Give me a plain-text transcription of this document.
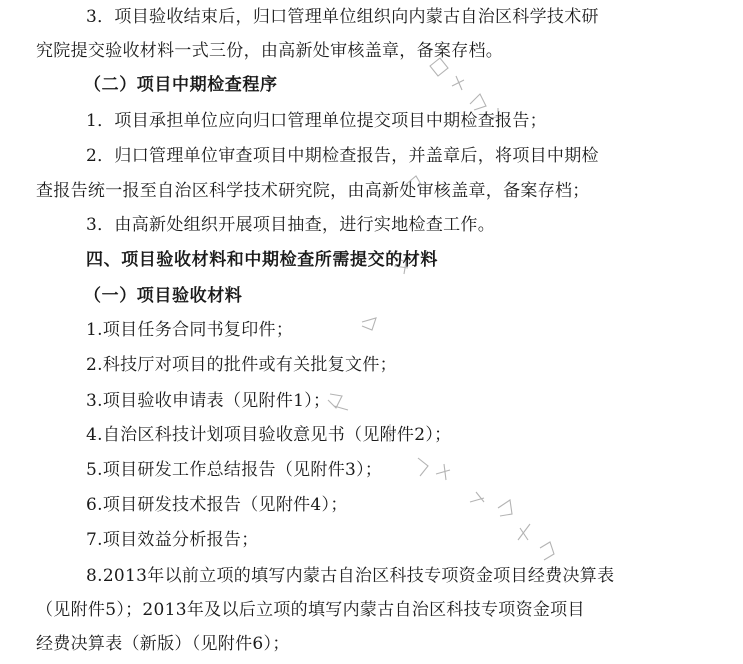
3．项目验收结束后，归口管理单位组织向内蒙古自治区科学技术研
究院提交验收材料一式三份，由高新处审核盖章，备案存档。
（二）项目中期检查程序
1．项目承担单位应向归口管理单位提交项目中期检查报告；
2．归口管理单位审查项目中期检查报告，并盖章后，将项目中期检
查报告统一报至自治区科学技术研究院，由高新处审核盖章，备案存档；
3．由高新处组织开展项目抽查，进行实地检查工作。
四、项目验收材料和中期检查所需提交的材料
（一）项目验收材料
1.项目任务合同书复印件；
2.科技厅对项目的批件或有关批复文件；
3.项目验收申请表（见附件1）；
4.自治区科技计划项目验收意见书（见附件2）；
5.项目研发工作总结报告（见附件3）；
6.项目研发技术报告（见附件4）；
7.项目效益分析报告；
8.2013年以前立项的填写内蒙古自治区科技专项资金项目经费决算表
（见附件5）；2013年及以后立项的填写内蒙古自治区科技专项资金项目
经费决算表（新版）（见附件6）；
